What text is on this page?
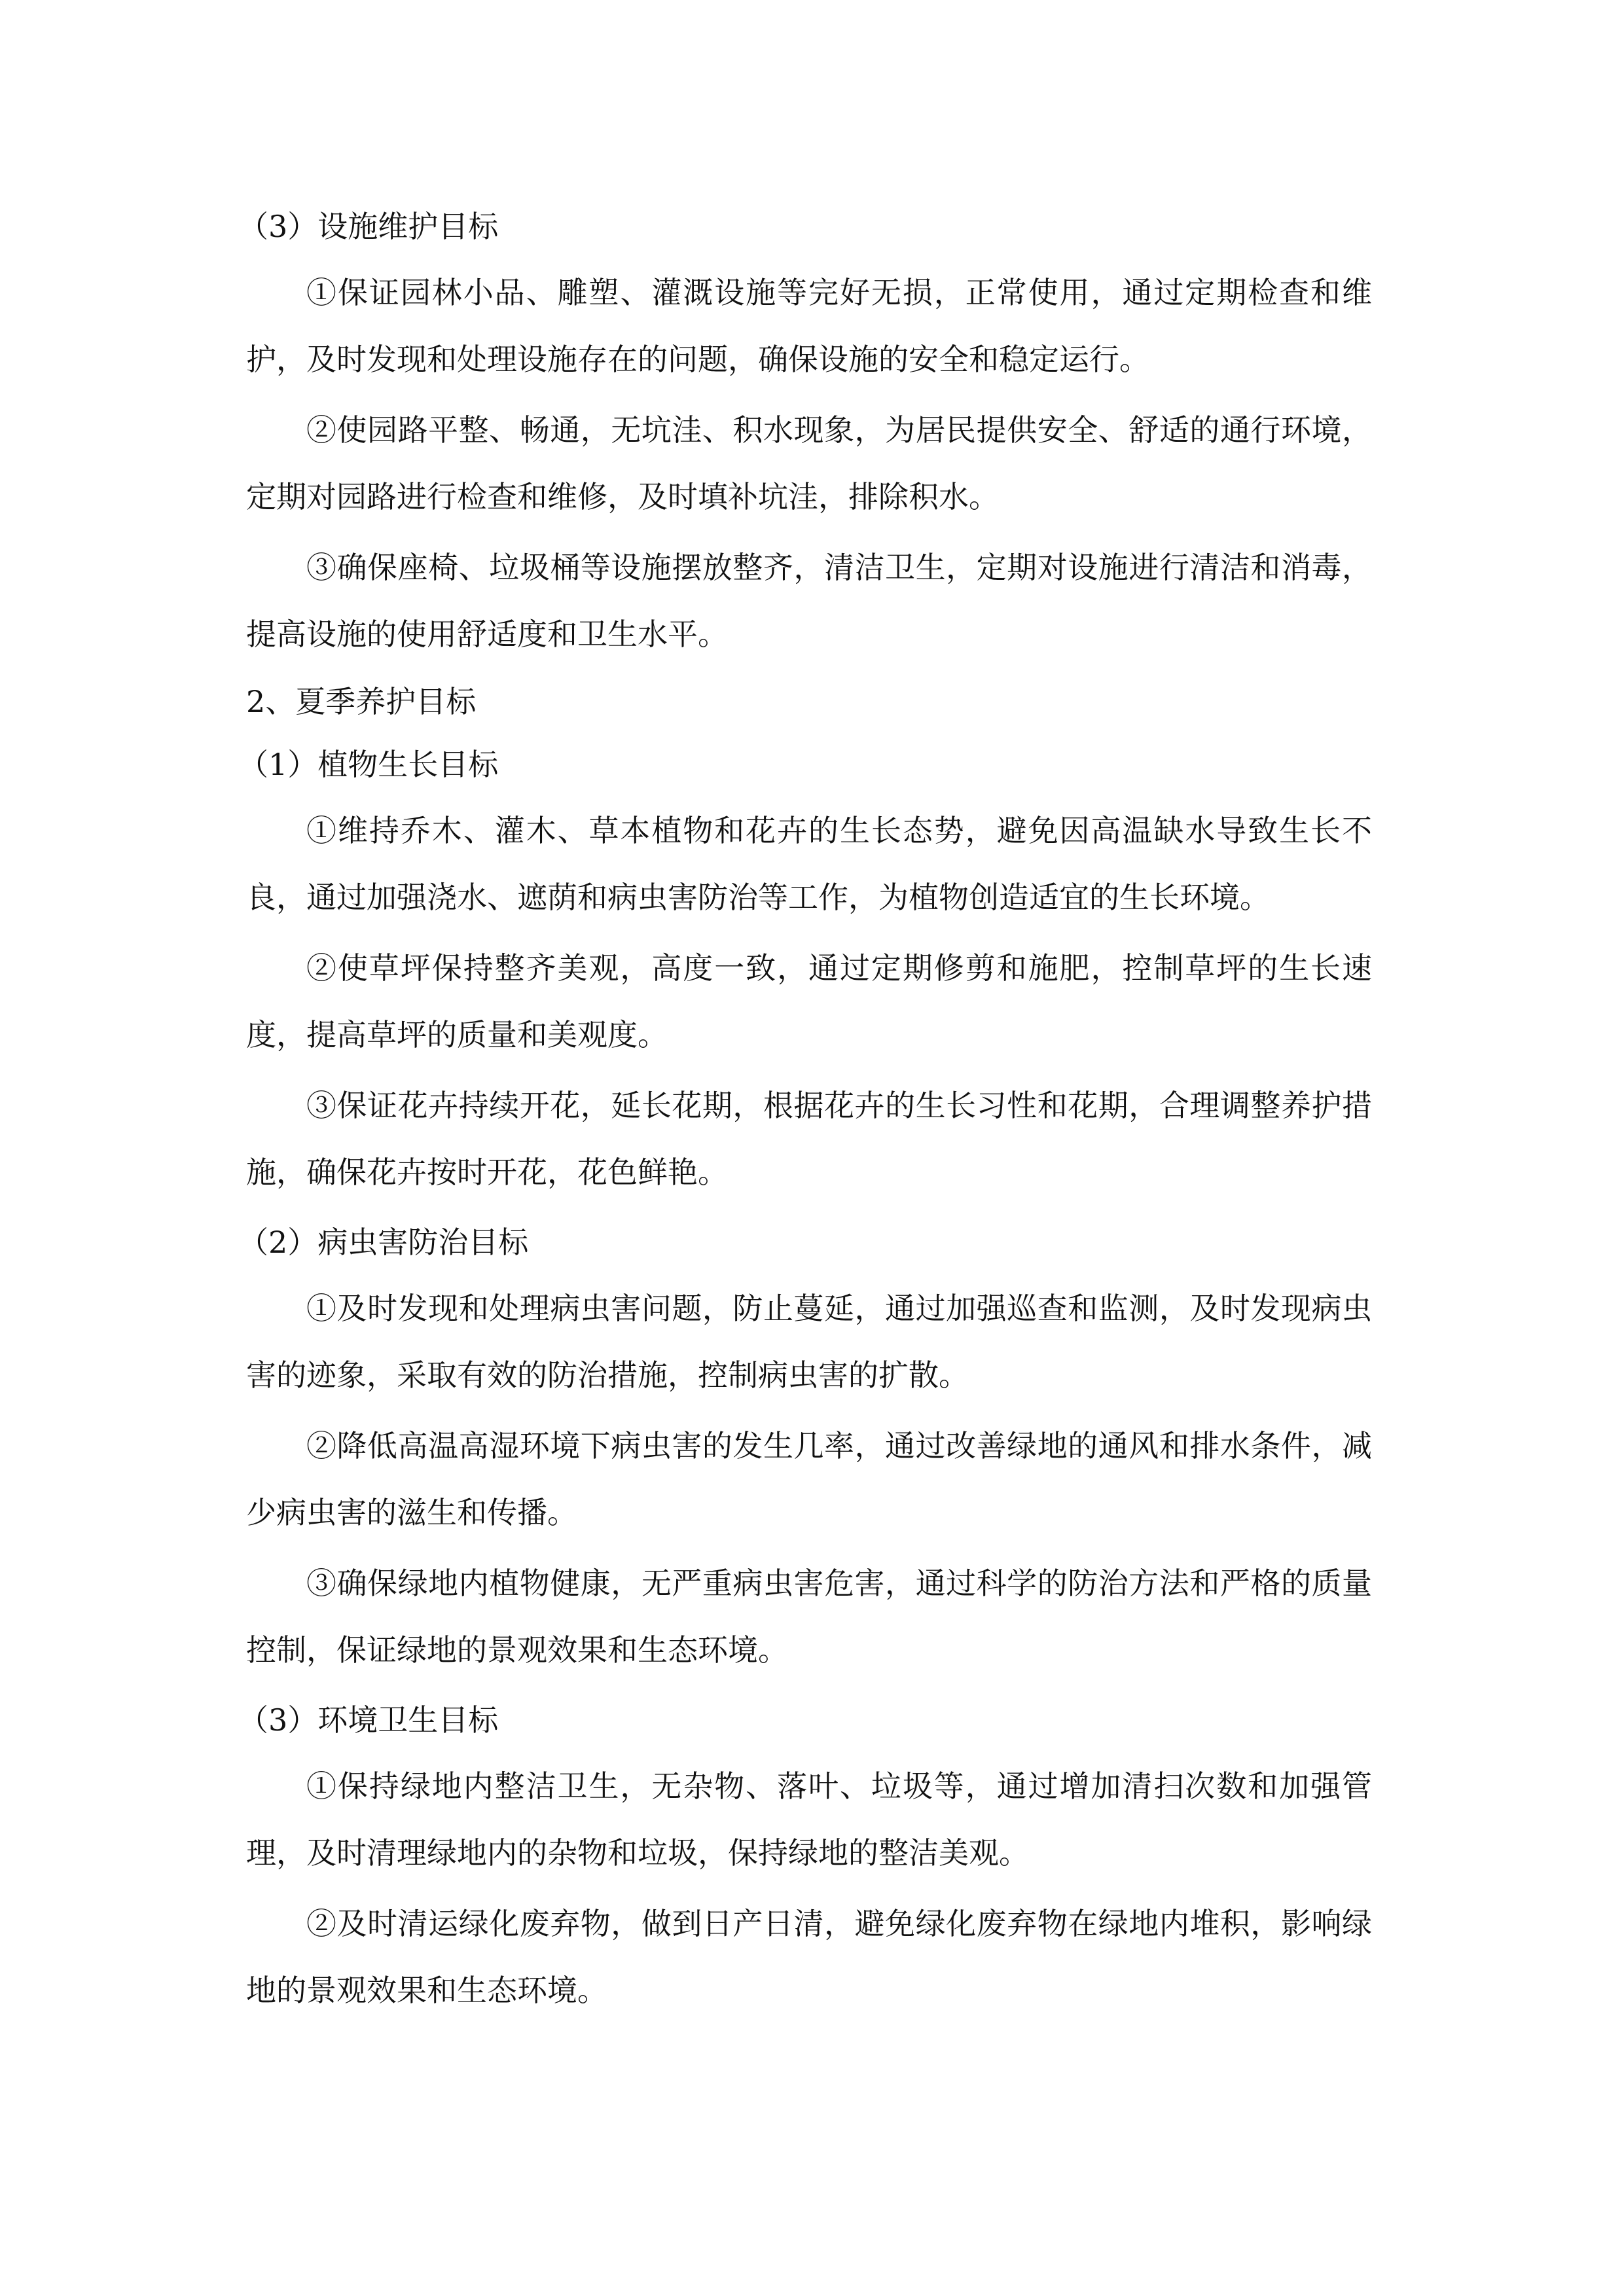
（3）设施维护目标

①保证园林小品、雕塑、灌溉设施等完好无损，正常使用，通过定期检查和维护，及时发现和处理设施存在的问题，确保设施的安全和稳定运行。

②使园路平整、畅通，无坑洼、积水现象，为居民提供安全、舒适的通行环境，定期对园路进行检查和维修，及时填补坑洼，排除积水。

③确保座椅、垃圾桶等设施摆放整齐，清洁卫生，定期对设施进行清洁和消毒，提高设施的使用舒适度和卫生水平。

2、夏季养护目标
（1）植物生长目标

①维持乔木、灌木、草本植物和花卉的生长态势，避免因高温缺水导致生长不良，通过加强浇水、遮荫和病虫害防治等工作，为植物创造适宜的生长环境。

②使草坪保持整齐美观，高度一致，通过定期修剪和施肥，控制草坪的生长速度，提高草坪的质量和美观度。

③保证花卉持续开花，延长花期，根据花卉的生长习性和花期，合理调整养护措施，确保花卉按时开花，花色鲜艳。

（2）病虫害防治目标

①及时发现和处理病虫害问题，防止蔓延，通过加强巡查和监测，及时发现病虫害的迹象，采取有效的防治措施，控制病虫害的扩散。

②降低高温高湿环境下病虫害的发生几率，通过改善绿地的通风和排水条件，减少病虫害的滋生和传播。

③确保绿地内植物健康，无严重病虫害危害，通过科学的防治方法和严格的质量控制，保证绿地的景观效果和生态环境。

（3）环境卫生目标

①保持绿地内整洁卫生，无杂物、落叶、垃圾等，通过增加清扫次数和加强管理，及时清理绿地内的杂物和垃圾，保持绿地的整洁美观。

②及时清运绿化废弃物，做到日产日清，避免绿化废弃物在绿地内堆积，影响绿地的景观效果和生态环境。
